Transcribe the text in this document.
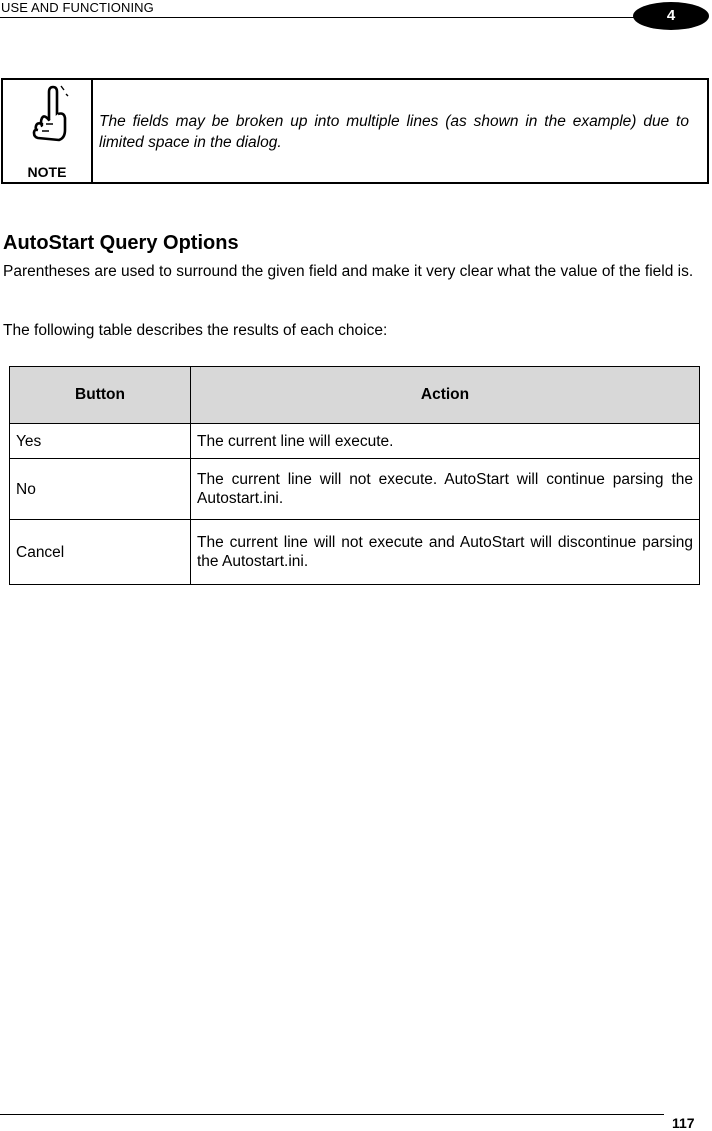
USE AND FUNCTIONING	4
NOTE
The fields may be broken up into multiple lines (as shown in the example) due to limited space in the dialog.
AutoStart Query Options

Parentheses are used to surround the given field and make it very clear what the value of the field is.

The following table describes the results of each choice:

Button	Action
Yes	The current line will execute.
No	The current line will not execute. AutoStart will continue parsing the Autostart.ini.
Cancel	The current line will not execute and AutoStart will discontinue parsing the Autostart.ini.
117
